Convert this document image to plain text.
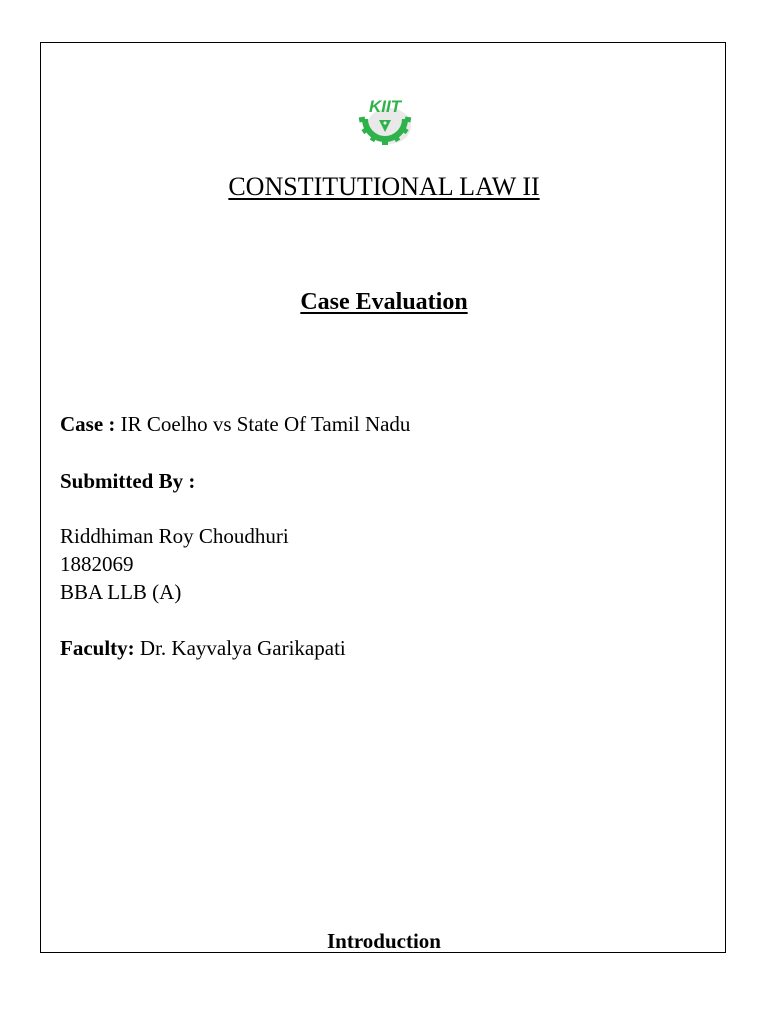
KIIT
CONSTITUTIONAL LAW II
Case Evaluation
Case : IR Coelho vs State Of Tamil Nadu
Submitted By :
Riddhiman Roy Choudhuri
1882069
BBA LLB (A)
Faculty: Dr. Kayvalya Garikapati
Introduction
